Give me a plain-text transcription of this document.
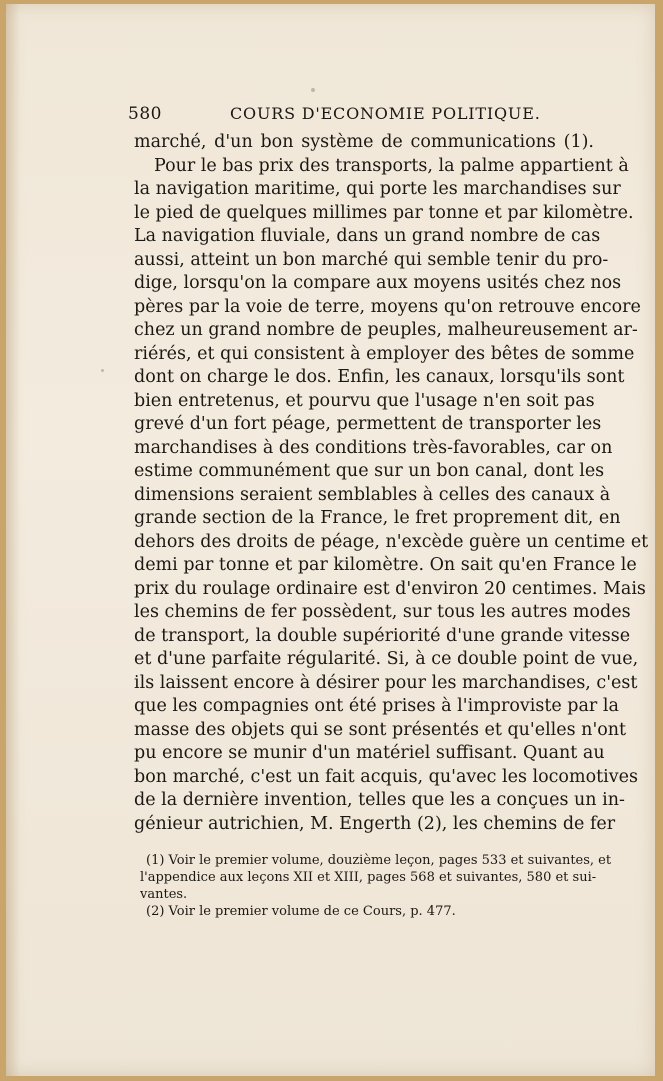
580	COURS D'ECONOMIE POLITIQUE.
marché, d'un bon système de communications (1).
Pour le bas prix des transports, la palme appartient à
la navigation maritime, qui porte les marchandises sur
le pied de quelques millimes par tonne et par kilomètre.
La navigation fluviale, dans un grand nombre de cas
aussi, atteint un bon marché qui semble tenir du pro-
dige, lorsqu'on la compare aux moyens usités chez nos
pères par la voie de terre, moyens qu'on retrouve encore
chez un grand nombre de peuples, malheureusement ar-
riérés, et qui consistent à employer des bêtes de somme
dont on charge le dos. Enfin, les canaux, lorsqu'ils sont
bien entretenus, et pourvu que l'usage n'en soit pas
grevé d'un fort péage, permettent de transporter les
marchandises à des conditions très-favorables, car on
estime communément que sur un bon canal, dont les
dimensions seraient semblables à celles des canaux à
grande section de la France, le fret proprement dit, en
dehors des droits de péage, n'excède guère un centime et
demi par tonne et par kilomètre. On sait qu'en France le
prix du roulage ordinaire est d'environ 20 centimes. Mais
les chemins de fer possèdent, sur tous les autres modes
de transport, la double supériorité d'une grande vitesse
et d'une parfaite régularité. Si, à ce double point de vue,
ils laissent encore à désirer pour les marchandises, c'est
que les compagnies ont été prises à l'improviste par la
masse des objets qui se sont présentés et qu'elles n'ont
pu encore se munir d'un matériel suffisant. Quant au
bon marché, c'est un fait acquis, qu'avec les locomotives
de la dernière invention, telles que les a conçues un in-
génieur autrichien, M. Engerth (2), les chemins de fer
(1) Voir le premier volume, douzième leçon, pages 533 et suivantes, et
l'appendice aux leçons XII et XIII, pages 568 et suivantes, 580 et sui-
vantes.
(2) Voir le premier volume de ce Cours, p. 477.
